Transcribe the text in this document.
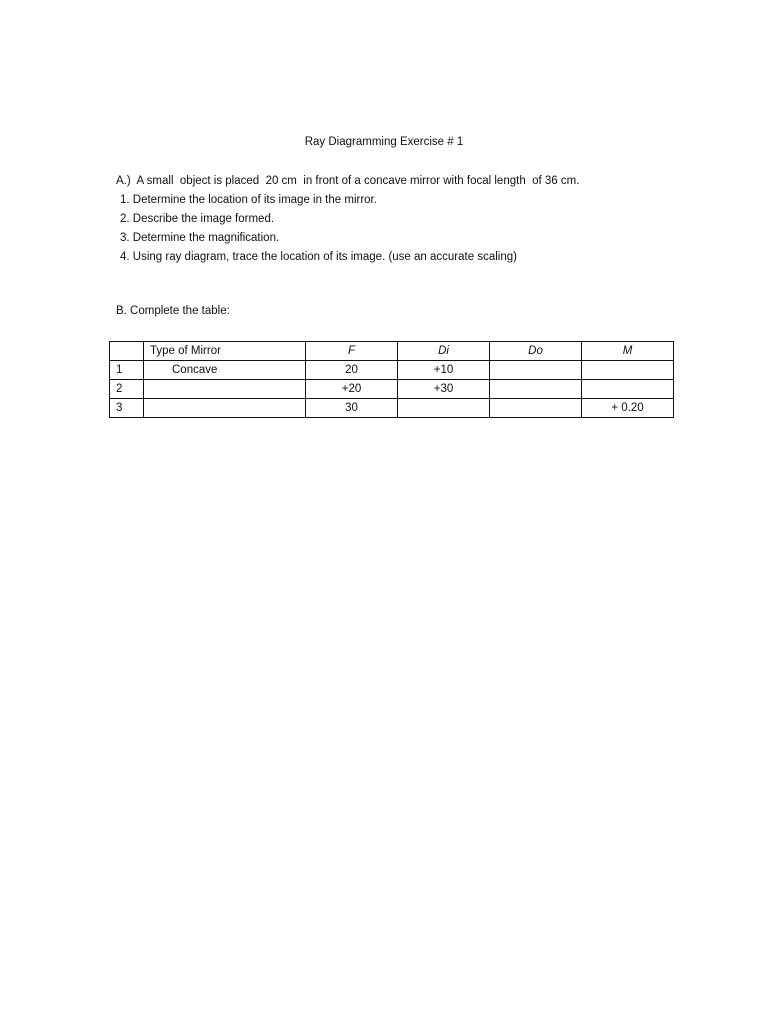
Ray Diagramming Exercise # 1
A.)  A small  object is placed  20 cm  in front of a concave mirror with focal length  of 36 cm.
1. Determine the location of its image in the mirror.
2. Describe the image formed.
3. Determine the magnification.
4. Using ray diagram, trace the location of its image. (use an accurate scaling)
B. Complete the table:
	Type of Mirror	F	Di	Do	M
1	Concave	20	+10		
2		+20	+30		
3		30			+ 0.20
